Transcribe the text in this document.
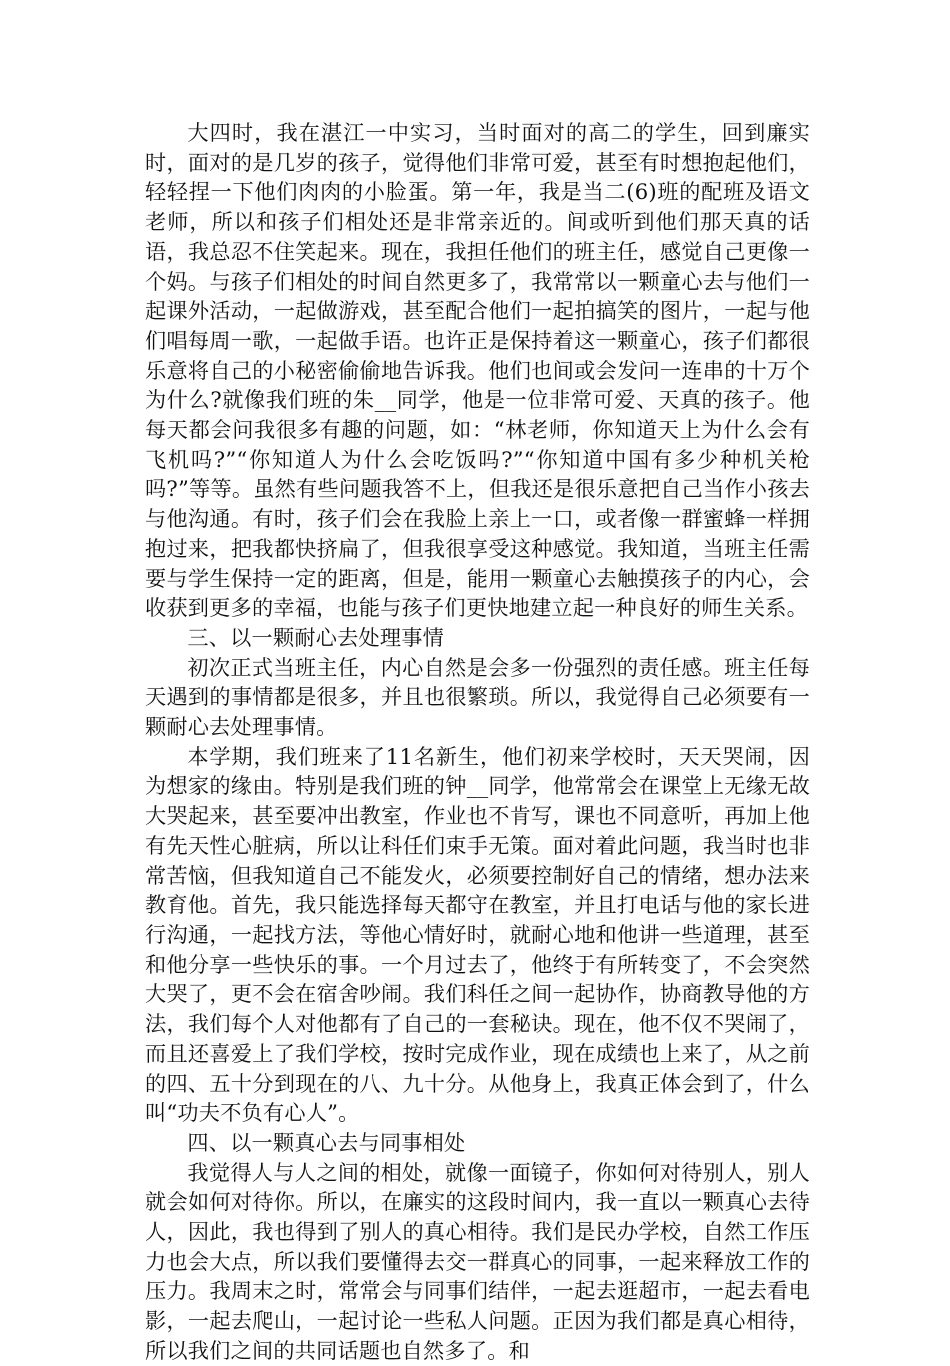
大四时，我在湛江一中实习，当时面对的高二的学生，回到廉实时，面对的是几岁的孩子，觉得他们非常可爱，甚至有时想抱起他们，轻轻捏一下他们肉肉的小脸蛋。第一年，我是当二(6)班的配班及语文老师，所以和孩子们相处还是非常亲近的。间或听到他们那天真的话语，我总忍不住笑起来。现在，我担任他们的班主任，感觉自己更像一个妈。与孩子们相处的时间自然更多了，我常常以一颗童心去与他们一起课外活动，一起做游戏，甚至配合他们一起拍搞笑的图片，一起与他们唱每周一歌，一起做手语。也许正是保持着这一颗童心，孩子们都很乐意将自己的小秘密偷偷地告诉我。他们也间或会发问一连串的十万个为什么?就像我们班的朱__同学，他是一位非常可爱、天真的孩子。他每天都会问我很多有趣的问题，如：“林老师，你知道天上为什么会有飞机吗?”“你知道人为什么会吃饭吗?”“你知道中国有多少种机关枪吗?”等等。虽然有些问题我答不上，但我还是很乐意把自己当作小孩去与他沟通。有时，孩子们会在我脸上亲上一口，或者像一群蜜蜂一样拥抱过来，把我都快挤扁了，但我很享受这种感觉。我知道，当班主任需要与学生保持一定的距离，但是，能用一颗童心去触摸孩子的内心，会收获到更多的幸福，也能与孩子们更快地建立起一种良好的师生关系。

三、以一颗耐心去处理事情

初次正式当班主任，内心自然是会多一份强烈的责任感。班主任每天遇到的事情都是很多，并且也很繁琐。所以，我觉得自己必须要有一颗耐心去处理事情。

本学期，我们班来了11名新生，他们初来学校时，天天哭闹，因为想家的缘由。特别是我们班的钟__同学，他常常会在课堂上无缘无故大哭起来，甚至要冲出教室，作业也不肯写，课也不同意听，再加上他有先天性心脏病，所以让科任们束手无策。面对着此问题，我当时也非常苦恼，但我知道自己不能发火，必须要控制好自己的情绪，想办法来教育他。首先，我只能选择每天都守在教室，并且打电话与他的家长进行沟通，一起找方法，等他心情好时，就耐心地和他讲一些道理，甚至和他分享一些快乐的事。一个月过去了，他终于有所转变了，不会突然大哭了，更不会在宿舍吵闹。我们科任之间一起协作，协商教导他的方法，我们每个人对他都有了自己的一套秘诀。现在，他不仅不哭闹了，而且还喜爱上了我们学校，按时完成作业，现在成绩也上来了，从之前的四、五十分到现在的八、九十分。从他身上，我真正体会到了，什么叫“功夫不负有心人”。

四、以一颗真心去与同事相处

我觉得人与人之间的相处，就像一面镜子，你如何对待别人，别人就会如何对待你。所以，在廉实的这段时间内，我一直以一颗真心去待人，因此，我也得到了别人的真心相待。我们是民办学校，自然工作压力也会大点，所以我们要懂得去交一群真心的同事，一起来释放工作的压力。我周末之时，常常会与同事们结伴，一起去逛超市，一起去看电影，一起去爬山，一起讨论一些私人问题。正因为我们都是真心相待，所以我们之间的共同话题也自然多了。和
